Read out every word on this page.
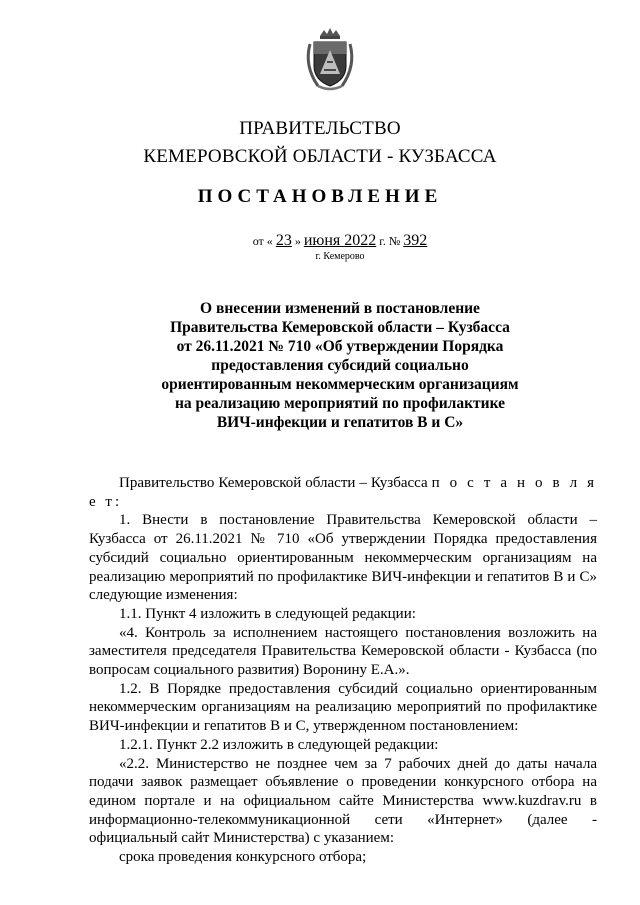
ПРАВИТЕЛЬСТВО
КЕМЕРОВСКОЙ ОБЛАСТИ - КУЗБАССА
ПОСТАНОВЛЕНИЕ
от « 23 » июня 2022 г. № 392
г. Кемерово
О внесении изменений в постановление
Правительства Кемеровской области – Кузбасса
от 26.11.2021 № 710 «Об утверждении Порядка
предоставления субсидий социально
ориентированным некоммерческим организациям
на реализацию мероприятий по профилактике
ВИЧ-инфекции и гепатитов В и С»

Правительство Кемеровской области – Кузбасса п о с т а н о в л я е т:

1. Внести в постановление Правительства Кемеровской области – Кузбасса от 26.11.2021 № 710 «Об утверждении Порядка предоставления субсидий социально ориентированным некоммерческим организациям на реализацию мероприятий по профилактике ВИЧ-инфекции и гепатитов В и С» следующие изменения:

1.1. Пункт 4 изложить в следующей редакции:

«4. Контроль за исполнением настоящего постановления возложить на заместителя председателя Правительства Кемеровской области - Кузбасса (по вопросам социального развития) Воронину Е.А.».

1.2. В Порядке предоставления субсидий социально ориентированным некоммерческим организациям на реализацию мероприятий по профилактике ВИЧ-инфекции и гепатитов В и С, утвержденном постановлением:

1.2.1. Пункт 2.2 изложить в следующей редакции:

«2.2. Министерство не позднее чем за 7 рабочих дней до даты начала подачи заявок размещает объявление о проведении конкурсного отбора на едином портале и на официальном сайте Министерства www.kuzdrav.ru в информационно-телекоммуникационной сети «Интернет» (далее - официальный сайт Министерства) с указанием:

срока проведения конкурсного отбора;
